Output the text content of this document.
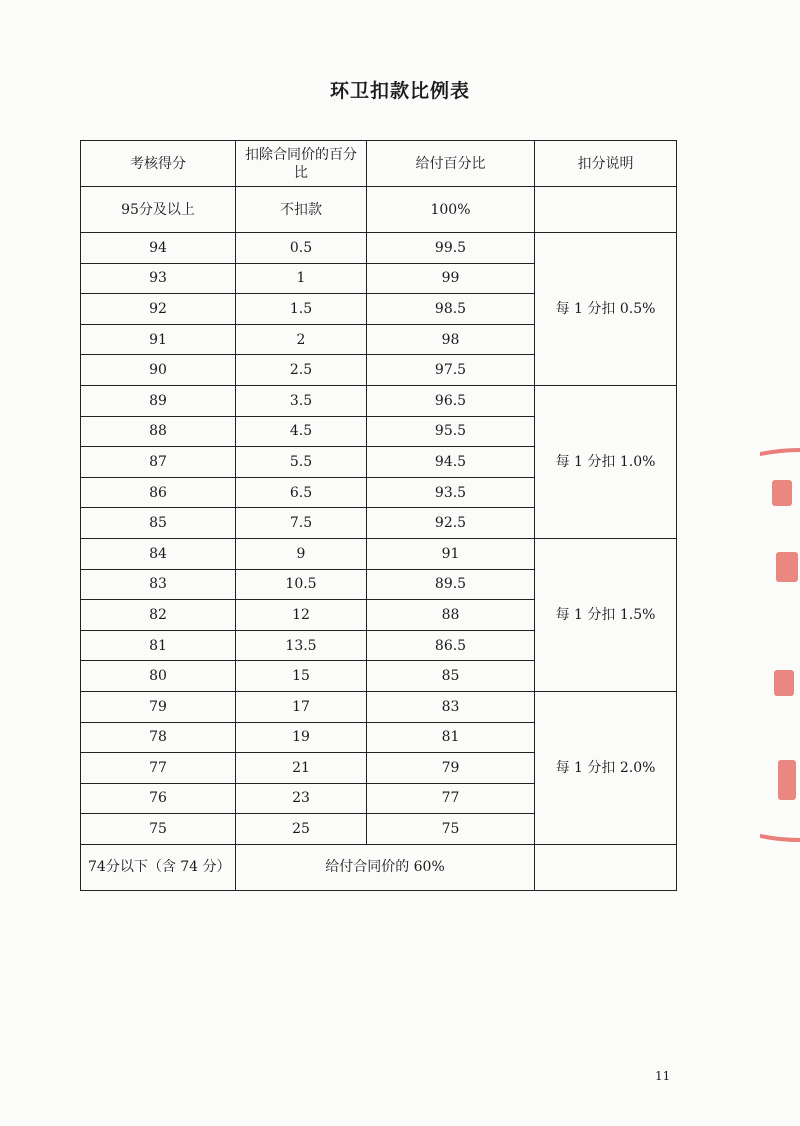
环卫扣款比例表
考核得分	扣除合同价的百分比	给付百分比	扣分说明
95分及以上	不扣款	100%	
94	0.5	99.5	每 1 分扣 0.5%
93	1	99	
92	1.5	98.5	
91	2	98	
90	2.5	97.5	
89	3.5	96.5	每 1 分扣 1.0%
88	4.5	95.5	
87	5.5	94.5	
86	6.5	93.5	
85	7.5	92.5	
84	9	91	每 1 分扣 1.5%
83	10.5	89.5	
82	12	88	
81	13.5	86.5	
80	15	85	
79	17	83	每 1 分扣 2.0%
78	19	81	
77	21	79	
76	23	77	
75	25	75	
74分以下（含 74 分）	给付合同价的 60%		
11
